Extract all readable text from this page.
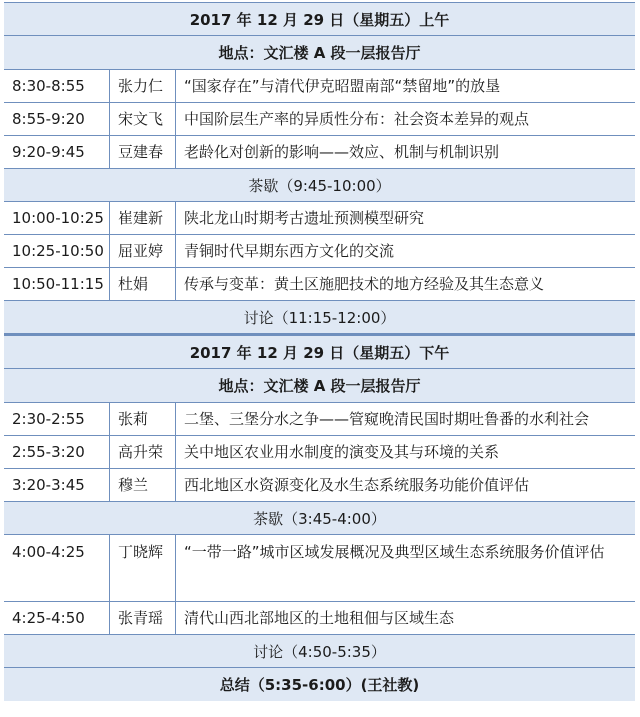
2017 年 12 月 29 日（星期五）上午
地点：文汇楼 A 段一层报告厅
8:30-8:55	张力仁	“国家存在”与清代伊克昭盟南部“禁留地”的放垦
8:55-9:20	宋文飞	中国阶层生产率的异质性分布：社会资本差异的观点
9:20-9:45	豆建春	老龄化对创新的影响——效应、机制与机制识别
茶歇（9:45-10:00）
10:00-10:25 崔建新	陕北龙山时期考古遗址预测模型研究
10:25-10:50 屈亚婷	青铜时代早期东西方文化的交流
10:50-11:15 杜娟	传承与变革：黄土区施肥技术的地方经验及其生态意义
讨论（11:15-12:00）
2017 年 12 月 29 日（星期五）下午
地点：文汇楼 A 段一层报告厅
2:30-2:55	张莉	二堡、三堡分水之争——管窥晚清民国时期吐鲁番的水利社会
2:55-3:20	高升荣	关中地区农业用水制度的演变及其与环境的关系
3:20-3:45	穆兰	西北地区水资源变化及水生态系统服务功能价值评估
茶歇（3:45-4:00）
4:00-4:25	丁晓辉	“一带一路”城市区域发展概况及典型区域生态系统服务价值评估
4:25-4:50	张青瑶	清代山西北部地区的土地租佃与区域生态
讨论（4:50-5:35）
总结（5:35-6:00）(王社教)
